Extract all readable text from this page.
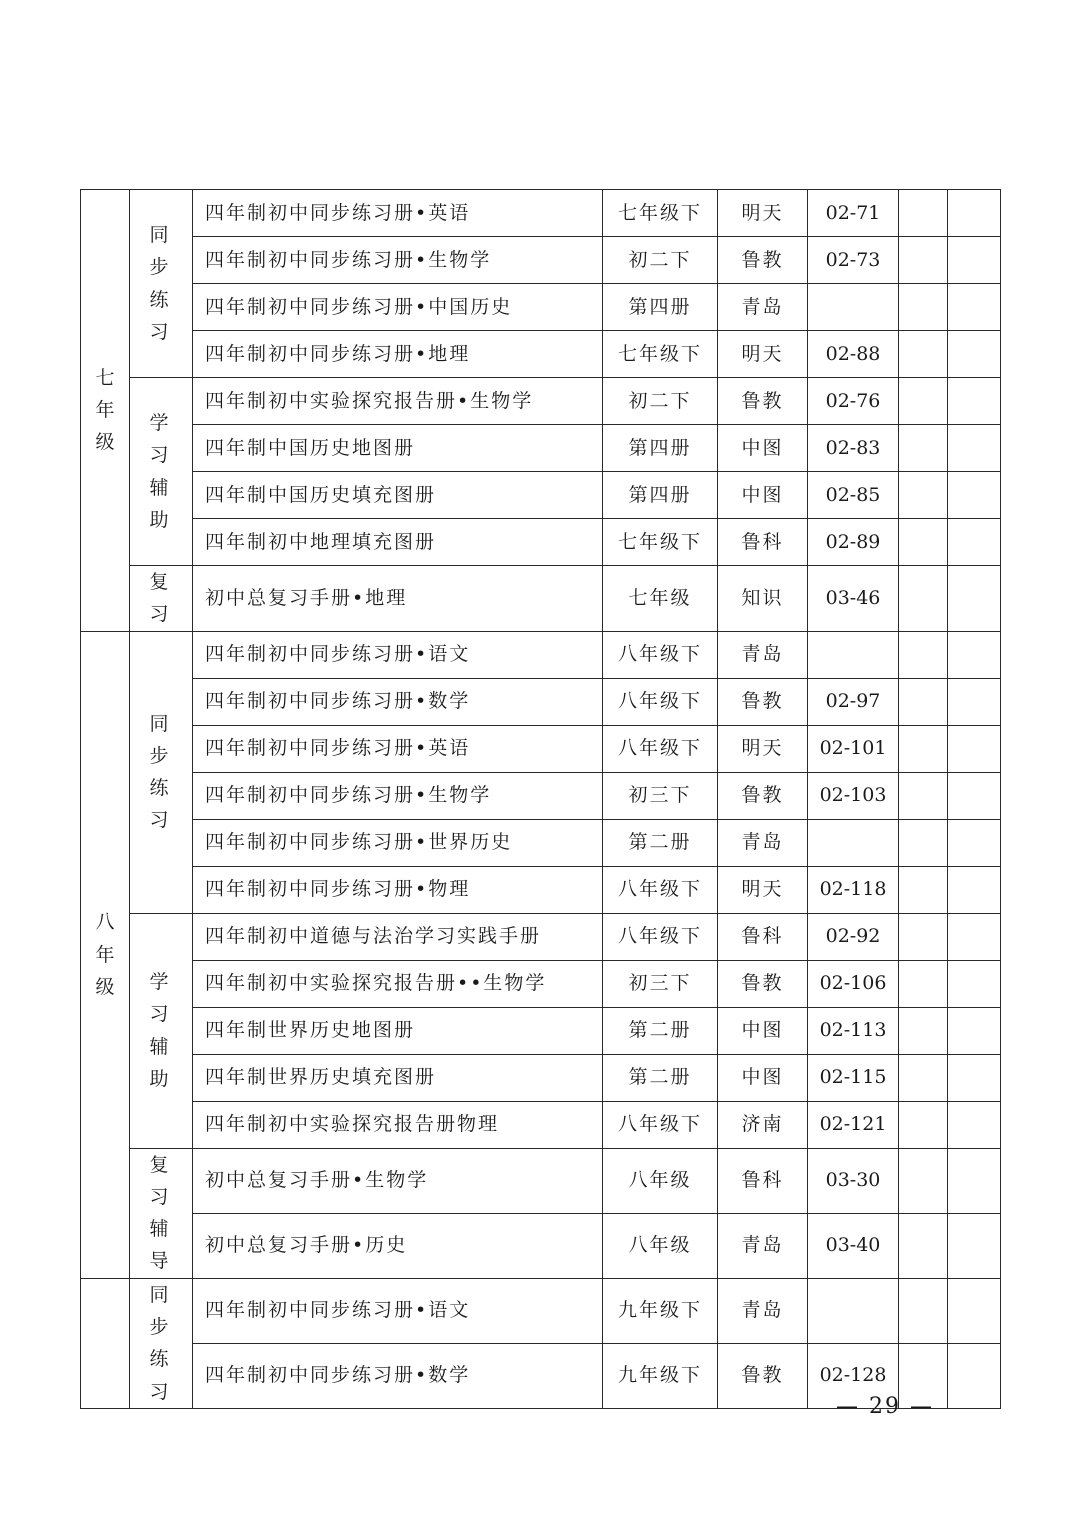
七年级	同步练习	四年制初中同步练习册•英语	七年级下	明天	02-71		
		四年制初中同步练习册•生物学	初二下	鲁教	02-73		
		四年制初中同步练习册•中国历史	第四册	青岛			
		四年制初中同步练习册•地理	七年级下	明天	02-88		
	学习辅助	四年制初中实验探究报告册•生物学	初二下	鲁教	02-76		
		四年制中国历史地图册	第四册	中图	02-83		
		四年制中国历史填充图册	第四册	中图	02-85		
		四年制初中地理填充图册	七年级下	鲁科	02-89		
	复习	初中总复习手册•地理	七年级	知识	03-46		
八年级	同步练习	四年制初中同步练习册•语文	八年级下	青岛			
		四年制初中同步练习册•数学	八年级下	鲁教	02-97		
		四年制初中同步练习册•英语	八年级下	明天	02-101		
		四年制初中同步练习册•生物学	初三下	鲁教	02-103		
		四年制初中同步练习册•世界历史	第二册	青岛			
		四年制初中同步练习册•物理	八年级下	明天	02-118		
	学习辅助	四年制初中道德与法治学习实践手册	八年级下	鲁科	02-92		
		四年制初中实验探究报告册••生物学	初三下	鲁教	02-106		
		四年制世界历史地图册	第二册	中图	02-113		
		四年制世界历史填充图册	第二册	中图	02-115		
		四年制初中实验探究报告册物理	八年级下	济南	02-121		
	复习辅导	初中总复习手册•生物学	八年级	鲁科	03-30		
		初中总复习手册•历史	八年级	青岛	03-40		
	同步练习	四年制初中同步练习册•语文	九年级下	青岛			
		四年制初中同步练习册•数学	九年级下	鲁教	02-128		
— 29 —
